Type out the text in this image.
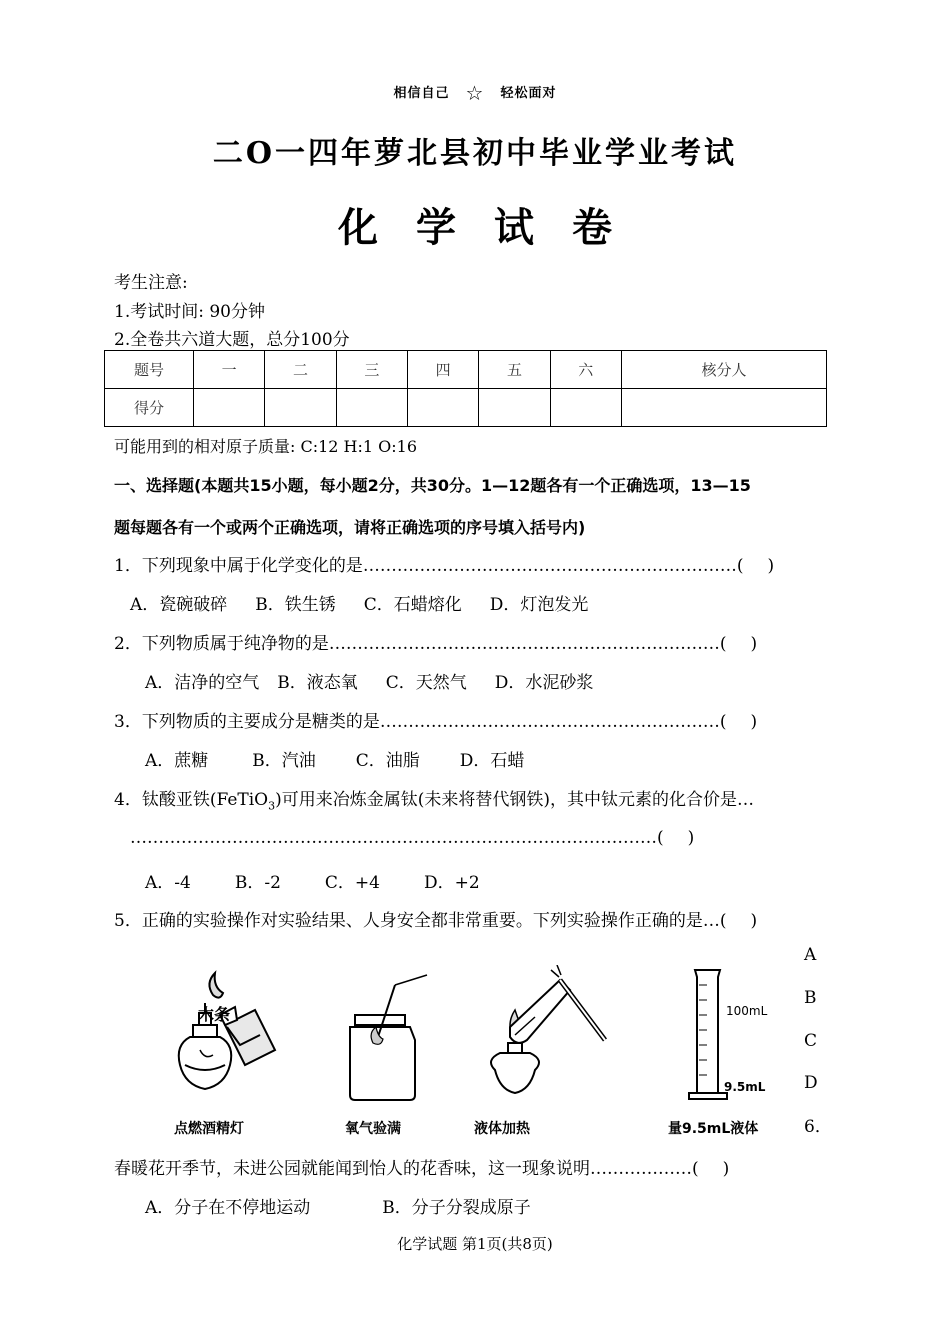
相信自己 ☆ 轻松面对
二O一四年萝北县初中毕业学业考试
化学试卷
考生注意:
1.考试时间: 90分钟
2.全卷共六道大题，总分100分
题号	一	二	三	四	五	六	核分人
得分							
可能用到的相对原子质量: C:12 H:1 O:16
一、选择题(本题共15小题，每小题2分，共30分。1—12题各有一个正确选项，13—15
题每题各有一个或两个正确选项，请将正确选项的序号填入括号内)
1．下列现象中属于化学变化的是…………………………………………………………( )
A．瓷碗破碎 B．铁生锈 C．石蜡熔化 D．灯泡发光
2．下列物质属于纯净物的是……………………………………………………………( )
A．洁净的空气 B．液态氧 C．天然气 D．水泥砂浆
3．下列物质的主要成分是糖类的是……………………………………………………( )
A．蔗糖	B．汽油 C．油脂 D．石蜡
4．钛酸亚铁(FeTiO$_3$)可用来冶炼金属钛(未来将替代钢铁)，其中钛元素的化合价是…
…………………………………………………………………………………( )
A．-4	B．-2	C．+4	D．+2
5．正确的实验操作对实验结果、人身安全都非常重要。下列实验操作正确的是…( )
A
B
C
D
6．
木条	100mL
9.5mL
点燃酒精灯	氧气验满	液体加热	量9.5mL液体
春暖花开季节，未进公园就能闻到怡人的花香味，这一现象说明………………( )
A．分子在不停地运动	B．分子分裂成原子
化学试题 第1页(共8页)
